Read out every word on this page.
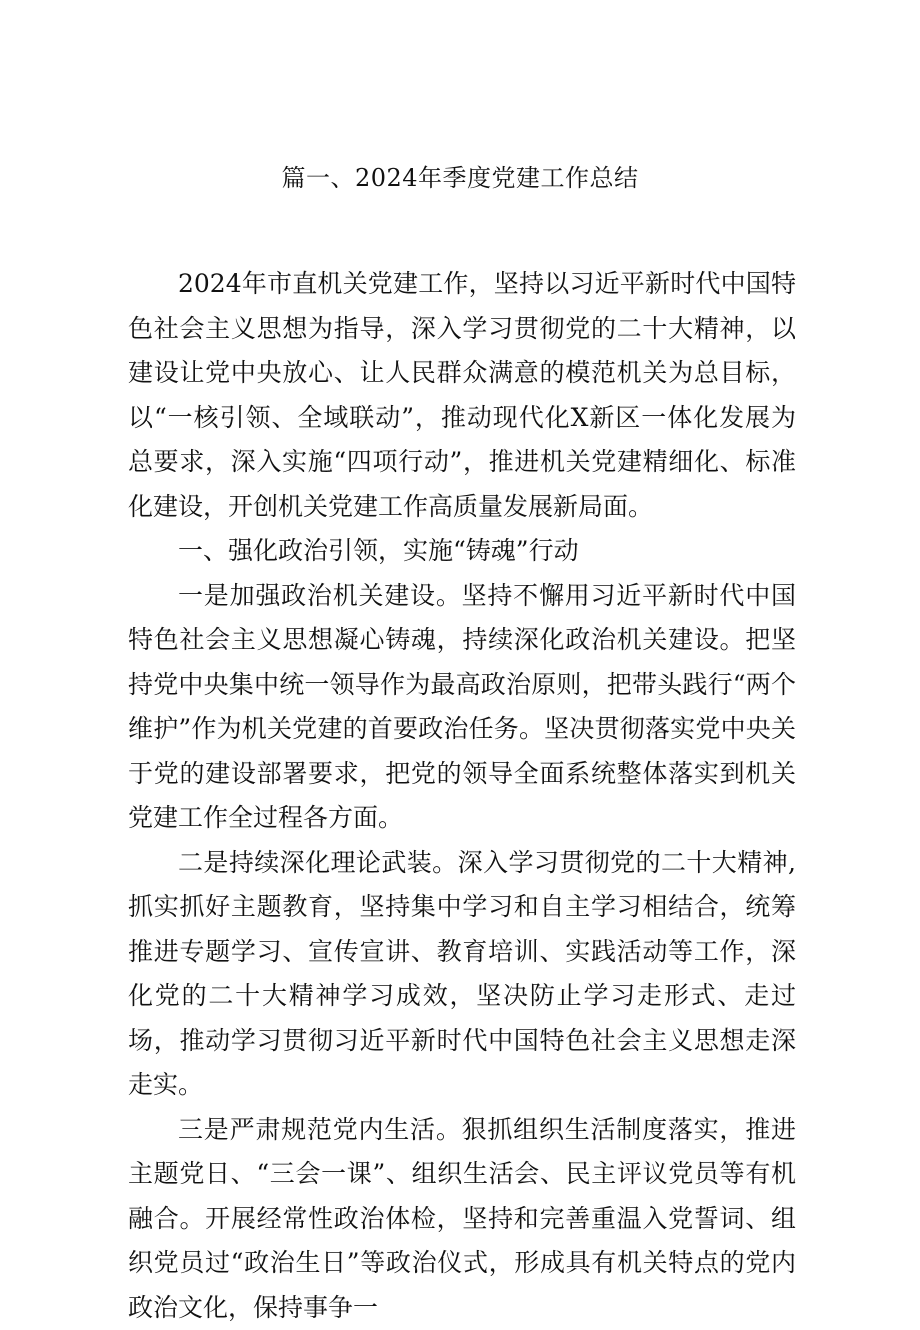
篇一、2024年季度党建工作总结

2024年市直机关党建工作，坚持以习近平新时代中国特色社会主义思想为指导，深入学习贯彻党的二十大精神，以建设让党中央放心、让人民群众满意的模范机关为总目标，以“一核引领、全域联动”，推动现代化X新区一体化发展为总要求，深入实施“四项行动”，推进机关党建精细化、标准化建设，开创机关党建工作高质量发展新局面。

一、强化政治引领，实施“铸魂”行动

一是加强政治机关建设。坚持不懈用习近平新时代中国特色社会主义思想凝心铸魂，持续深化政治机关建设。把坚持党中央集中统一领导作为最高政治原则，把带头践行“两个维护”作为机关党建的首要政治任务。坚决贯彻落实党中央关于党的建设部署要求，把党的领导全面系统整体落实到机关党建工作全过程各方面。

二是持续深化理论武装。深入学习贯彻党的二十大精神,抓实抓好主题教育，坚持集中学习和自主学习相结合，统筹推进专题学习、宣传宣讲、教育培训、实践活动等工作，深化党的二十大精神学习成效，坚决防止学习走形式、走过场，推动学习贯彻习近平新时代中国特色社会主义思想走深走实。

三是严肃规范党内生活。狠抓组织生活制度落实，推进主题党日、“三会一课”、组织生活会、民主评议党员等有机融合。开展经常性政治体检，坚持和完善重温入党誓词、组织党员过“政治生日”等政治仪式，形成具有机关特点的党内政治文化，保持事争一
